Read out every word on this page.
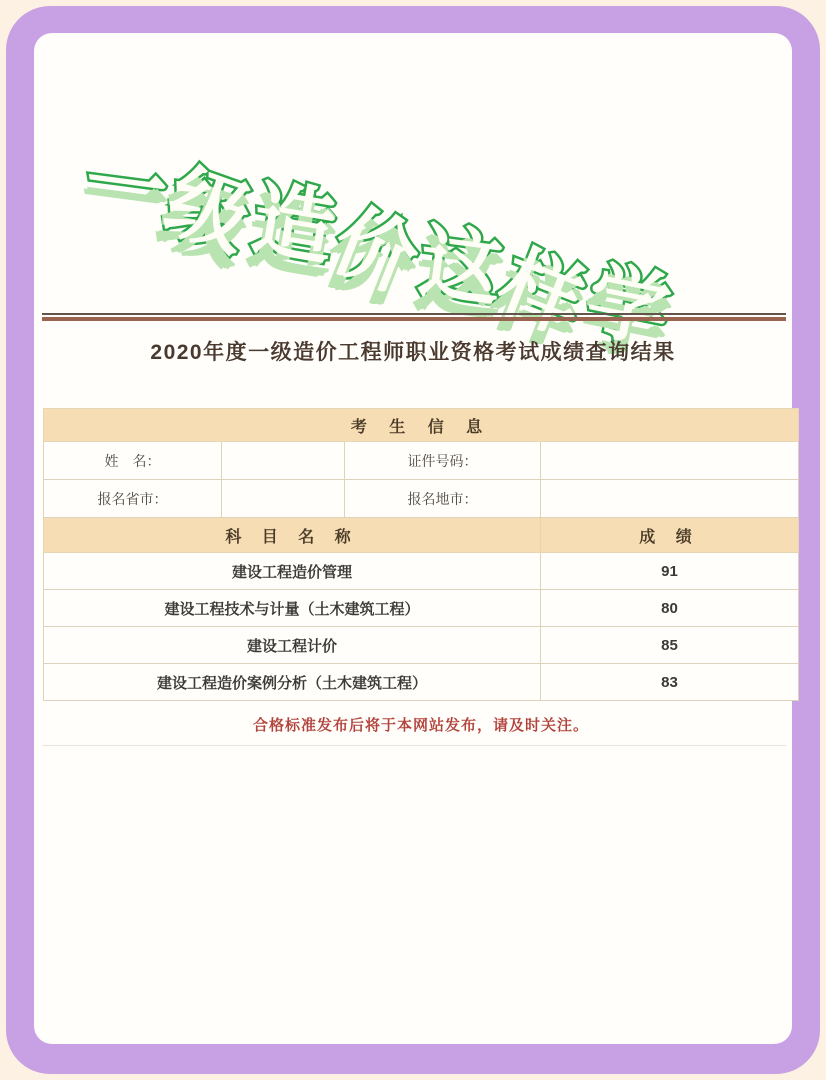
一级造价这样学
2020年度一级造价工程师职业资格考试成绩查询结果
考 生 信 息
姓　名：	证件号码：
报名省市：	报名地市：
科 目 名 称	成 绩
建设工程造价管理	91
建设工程技术与计量（土木建筑工程）	80
建设工程计价	85
建设工程造价案例分析（土木建筑工程）	83
合格标准发布后将于本网站发布，请及时关注。
